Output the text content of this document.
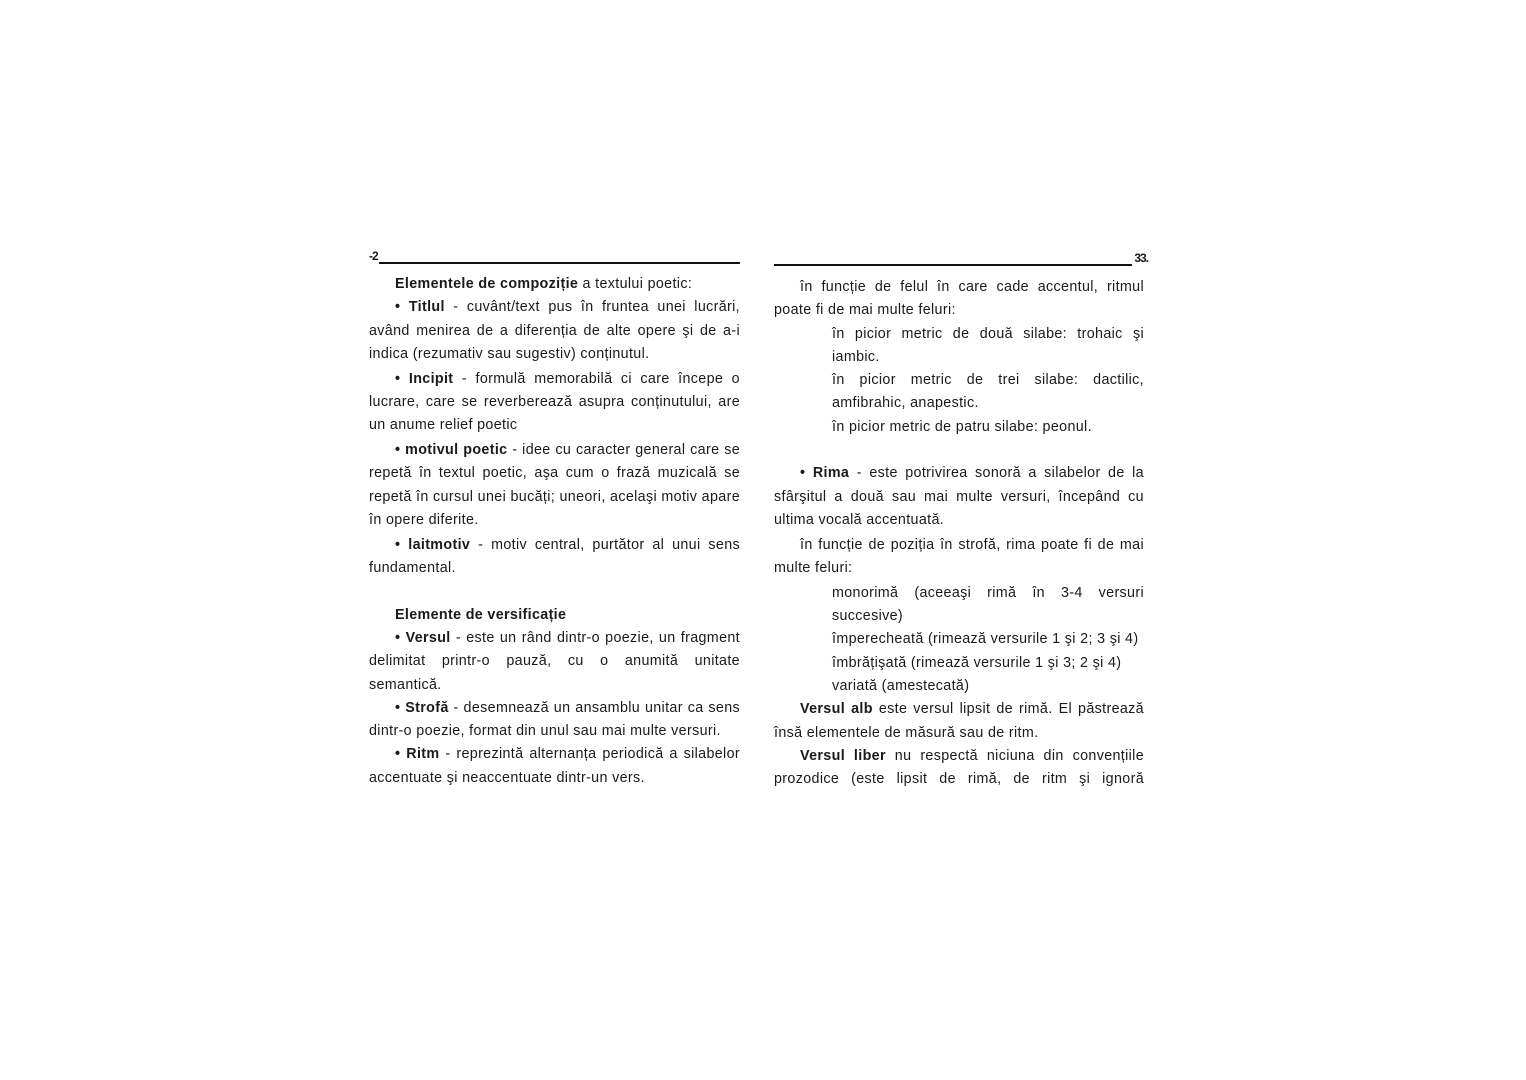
-2

Elementele de compoziție a textului poetic:

• Titlul - cuvânt/text pus în fruntea unei lucrări, având menirea de a diferenția de alte opere şi de a-i indica (rezumativ sau sugestiv) conținutul.

• Incipit - formulă memorabilă ci care începe o lucrare, care se reverberează asupra conținutului, are un anume relief poetic

• motivul poetic - idee cu caracter general care se repetă în textul poetic, aşa cum o frază muzicală se repetă în cursul unei bucăți; uneori, acelaşi motiv apare în opere diferite.

• laitmotiv - motiv central, purtător al unui sens fundamental.

Elemente de versificație

• Versul - este un rând dintr-o poezie, un fragment delimitat printr-o pauză, cu o anumită unitate semantică.

• Strofă - desemnează un ansamblu unitar ca sens dintr-o poezie, format din unul sau mai multe versuri.

• Ritm - reprezintă alternanța periodică a silabelor accentuate şi neaccentuate dintr-un vers.

33.

în funcție de felul în care cade accentul, ritmul poate fi de mai multe feluri:

în picior metric de două silabe: trohaic şi iambic.

în picior metric de trei silabe: dactilic, amfibrahic, anapestic.

în picior metric de patru silabe: peonul.

• Rima - este potrivirea sonoră a silabelor de la sfârşitul a două sau mai multe versuri, începând cu ultima vocală accentuată.

în funcție de poziția în strofă, rima poate fi de mai multe feluri:

monorimă (aceeaşi rimă în 3-4 versuri succesive)

împerecheată (rimează versurile 1 şi 2; 3 şi 4)

îmbrățişată (rimează versurile 1 şi 3; 2 şi 4)

variată (amestecată)

Versul alb este versul lipsit de rimă. El păstrează însă elementele de măsură sau de ritm.

Versul liber nu respectă niciuna din convențiile prozodice (este lipsit de rimă, de ritm şi ignoră
